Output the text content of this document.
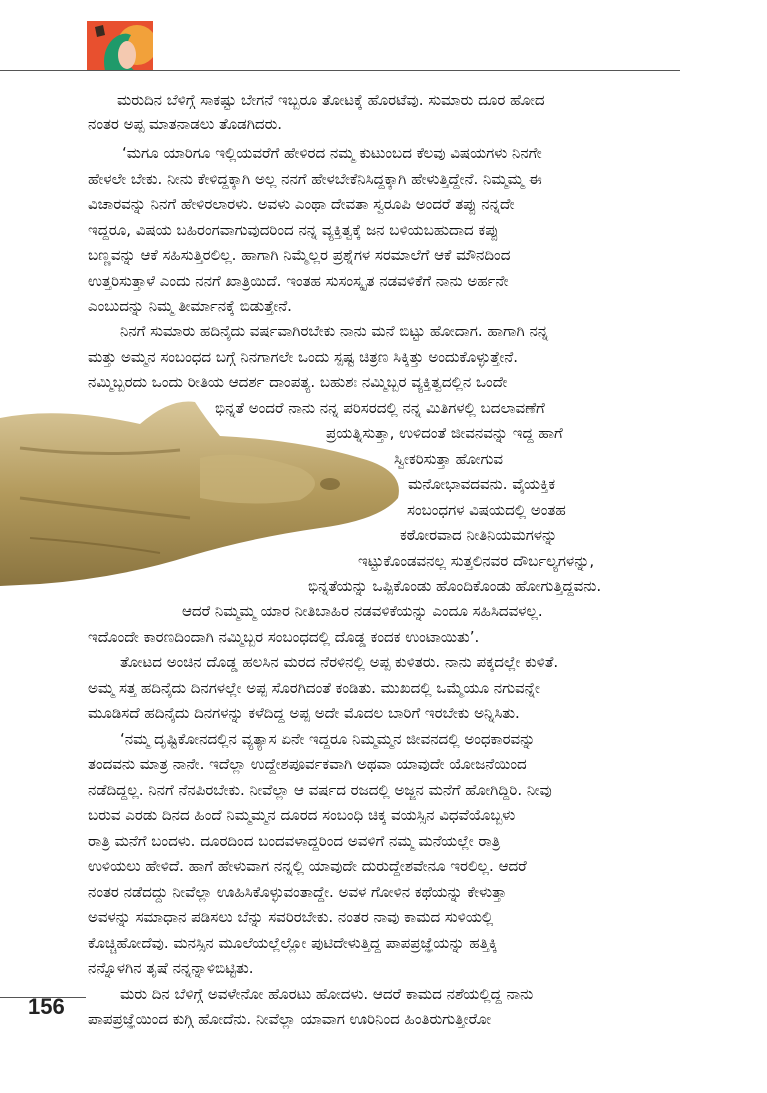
ಮರುದಿನ ಬೆಳಿಗ್ಗೆ ಸಾಕಷ್ಟು ಬೇಗನೆ ಇಬ್ಬರೂ ತೋಟಕ್ಕೆ ಹೊರಟೆವು. ಸುಮಾರು ದೂರ ಹೋದ
ನಂತರ ಅಪ್ಪ ಮಾತನಾಡಲು ತೊಡಗಿದರು.
‘ಮಗೂ ಯಾರಿಗೂ ಇಲ್ಲಿಯವರೆಗೆ ಹೇಳಿರದ ನಮ್ಮ ಕುಟುಂಬದ ಕೆಲವು ವಿಷಯಗಳು ನಿನಗೇ
ಹೇಳಲೇ ಬೇಕು. ನೀನು ಕೇಳಿದ್ದಕ್ಕಾಗಿ ಅಲ್ಲ ನನಗೆ ಹೇಳಬೇಕೆನಿಸಿದ್ದಕ್ಕಾಗಿ ಹೇಳುತ್ತಿದ್ದೇನೆ. ನಿಮ್ಮಮ್ಮ ಈ
ವಿಚಾರವನ್ನು ನಿನಗೆ ಹೇಳಿರಲಾರಳು. ಅವಳು ಎಂಥಾ ದೇವತಾ ಸ್ವರೂಪಿ ಅಂದರೆ ತಪ್ಪು ನನ್ನದೇ
ಇದ್ದರೂ, ವಿಷಯ ಬಹಿರಂಗವಾಗುವುದರಿಂದ ನನ್ನ ವ್ಯಕ್ತಿತ್ವಕ್ಕೆ ಜನ ಬಳಿಯಬಹುದಾದ ಕಪ್ಪು
ಬಣ್ಣವನ್ನು ಆಕೆ ಸಹಿಸುತ್ತಿರಲಿಲ್ಲ. ಹಾಗಾಗಿ ನಿಮ್ಮೆಲ್ಲರ ಪ್ರಶ್ನೆಗಳ ಸರಮಾಲೆಗೆ ಆಕೆ ಮೌನದಿಂದ
ಉತ್ತರಿಸುತ್ತಾಳೆ ಎಂದು ನನಗೆ ಖಾತ್ರಿಯಿದೆ. ಇಂತಹ ಸುಸಂಸ್ಕೃತ ನಡವಳಿಕೆಗೆ ನಾನು ಅರ್ಹನೇ
ಎಂಬುದನ್ನು ನಿಮ್ಮ ತೀರ್ಮಾನಕ್ಕೆ ಬಿಡುತ್ತೇನೆ.
ನಿನಗೆ ಸುಮಾರು ಹದಿನೈದು ವರ್ಷವಾಗಿರಬೇಕು ನಾನು ಮನೆ ಬಿಟ್ಟು ಹೋದಾಗ. ಹಾಗಾಗಿ ನನ್ನ
ಮತ್ತು ಅಮ್ಮನ ಸಂಬಂಧದ ಬಗ್ಗೆ ನಿನಗಾಗಲೇ ಒಂದು ಸ್ಪಷ್ಟ ಚಿತ್ರಣ ಸಿಕ್ಕಿತ್ತು ಅಂದುಕೊಳ್ಳುತ್ತೇನೆ.
ನಮ್ಮಿಬ್ಬರದು ಒಂದು ರೀತಿಯ ಆದರ್ಶ ದಾಂಪತ್ಯ. ಬಹುಶಃ ನಮ್ಮಿಬ್ಬರ ವ್ಯಕ್ತಿತ್ವದಲ್ಲಿನ ಒಂದೇ
ಭಿನ್ನತೆ ಅಂದರೆ ನಾನು ನನ್ನ ಪರಿಸರದಲ್ಲಿ ನನ್ನ ಮಿತಿಗಳಲ್ಲಿ ಬದಲಾವಣೆಗೆ
ಪ್ರಯತ್ನಿಸುತ್ತಾ, ಉಳಿದಂತೆ ಜೀವನವನ್ನು ಇದ್ದ ಹಾಗೆ
ಸ್ವೀಕರಿಸುತ್ತಾ ಹೋಗುವ
ಮನೋಭಾವದವನು. ವೈಯಕ್ತಿಕ
ಸಂಬಂಧಗಳ ವಿಷಯದಲ್ಲಿ ಅಂತಹ
ಕಠೋರವಾದ ನೀತಿನಿಯಮಗಳನ್ನು
ಇಟ್ಟುಕೊಂಡವನಲ್ಲ ಸುತ್ತಲಿನವರ ದೌರ್ಬಲ್ಯಗಳನ್ನು,
ಭಿನ್ನತೆಯನ್ನು ಒಪ್ಪಿಕೊಂಡು ಹೊಂದಿಕೊಂಡು ಹೋಗುತ್ತಿದ್ದವನು.
ಆದರೆ ನಿಮ್ಮಮ್ಮ ಯಾರ ನೀತಿಬಾಹಿರ ನಡವಳಿಕೆಯನ್ನು ಎಂದೂ ಸಹಿಸಿದವಳಲ್ಲ.
ಇದೊಂದೇ ಕಾರಣದಿಂದಾಗಿ ನಮ್ಮಿಬ್ಬರ ಸಂಬಂಧದಲ್ಲಿ ದೊಡ್ಡ ಕಂದಕ ಉಂಟಾಯಿತು’.
ತೋಟದ ಅಂಚಿನ ದೊಡ್ಡ ಹಲಸಿನ ಮರದ ನೆರಳಿನಲ್ಲಿ ಅಪ್ಪ ಕುಳಿತರು. ನಾನು ಪಕ್ಕದಲ್ಲೇ ಕುಳಿತೆ.
ಅಮ್ಮ ಸತ್ತ ಹದಿನೈದು ದಿನಗಳಲ್ಲೇ ಅಪ್ಪ ಸೊರಗಿದಂತೆ ಕಂಡಿತು. ಮುಖದಲ್ಲಿ ಒಮ್ಮೆಯೂ ನಗುವನ್ನೇ
ಮೂಡಿಸದೆ ಹದಿನೈದು ದಿನಗಳನ್ನು ಕಳೆದಿದ್ದ ಅಪ್ಪ ಅದೇ ಮೊದಲ ಬಾರಿಗೆ ಇರಬೇಕು ಅನ್ನಿಸಿತು.
‘ನಮ್ಮ ದೃಷ್ಟಿಕೋನದಲ್ಲಿನ ವ್ಯತ್ಯಾಸ ಏನೇ ಇದ್ದರೂ ನಿಮ್ಮಮ್ಮನ ಜೀವನದಲ್ಲಿ ಅಂಧಕಾರವನ್ನು
ತಂದವನು ಮಾತ್ರ ನಾನೇ. ಇದೆಲ್ಲಾ ಉದ್ದೇಶಪೂರ್ವಕವಾಗಿ ಅಥವಾ ಯಾವುದೇ ಯೋಜನೆಯಿಂದ
ನಡೆದಿದ್ದಲ್ಲ. ನಿನಗೆ ನೆನಪಿರಬೇಕು. ನೀವೆಲ್ಲಾ ಆ ವರ್ಷದ ರಜದಲ್ಲಿ ಅಜ್ಜನ ಮನೆಗೆ ಹೋಗಿದ್ದಿರಿ. ನೀವು
ಬರುವ ಎರಡು ದಿನದ ಹಿಂದೆ ನಿಮ್ಮಮ್ಮನ ದೂರದ ಸಂಬಂಧಿ ಚಿಕ್ಕ ವಯಸ್ಸಿನ ವಿಧವೆಯೊಬ್ಬಳು
ರಾತ್ರಿ ಮನೆಗೆ ಬಂದಳು. ದೂರದಿಂದ ಬಂದವಳಾದ್ದರಿಂದ ಅವಳಿಗೆ ನಮ್ಮ ಮನೆಯಲ್ಲೇ ರಾತ್ರಿ
ಉಳಿಯಲು ಹೇಳಿದೆ. ಹಾಗೆ ಹೇಳುವಾಗ ನನ್ನಲ್ಲಿ ಯಾವುದೇ ದುರುದ್ದೇಶವೇನೂ ಇರಲಿಲ್ಲ. ಆದರೆ
ನಂತರ ನಡೆದದ್ದು ನೀವೆಲ್ಲಾ ಊಹಿಸಿಕೊಳ್ಳುವಂತಾದ್ದೇ. ಅವಳ ಗೋಳಿನ ಕಥೆಯನ್ನು ಕೇಳುತ್ತಾ
ಅವಳನ್ನು ಸಮಾಧಾನ ಪಡಿಸಲು ಬೆನ್ನು ಸವರಿರಬೇಕು. ನಂತರ ನಾವು ಕಾಮದ ಸುಳಿಯಲ್ಲಿ
ಕೊಚ್ಚಿಹೋದೆವು. ಮನಸ್ಸಿನ ಮೂಲೆಯಲ್ಲೆಲ್ಲೋ ಪುಟಿದೇಳುತ್ತಿದ್ದ ಪಾಪಪ್ರಜ್ಞೆಯನ್ನು ಹತ್ತಿಕ್ಕಿ
ನನ್ನೊಳಗಿನ ತೃಷೆ ನನ್ನನ್ನಾಳಿಬಿಟ್ಟಿತು.
ಮರು ದಿನ ಬೆಳಿಗ್ಗೆ ಅವಳೇನೋ ಹೊರಟು ಹೋದಳು. ಆದರೆ ಕಾಮದ ನಶೆಯಲ್ಲಿದ್ದ ನಾನು
ಪಾಪಪ್ರಜ್ಞೆಯಿಂದ ಕುಗ್ಗಿ ಹೋದೆನು. ನೀವೆಲ್ಲಾ ಯಾವಾಗ ಊರಿನಿಂದ ಹಿಂತಿರುಗುತ್ತೀರೋ
156
